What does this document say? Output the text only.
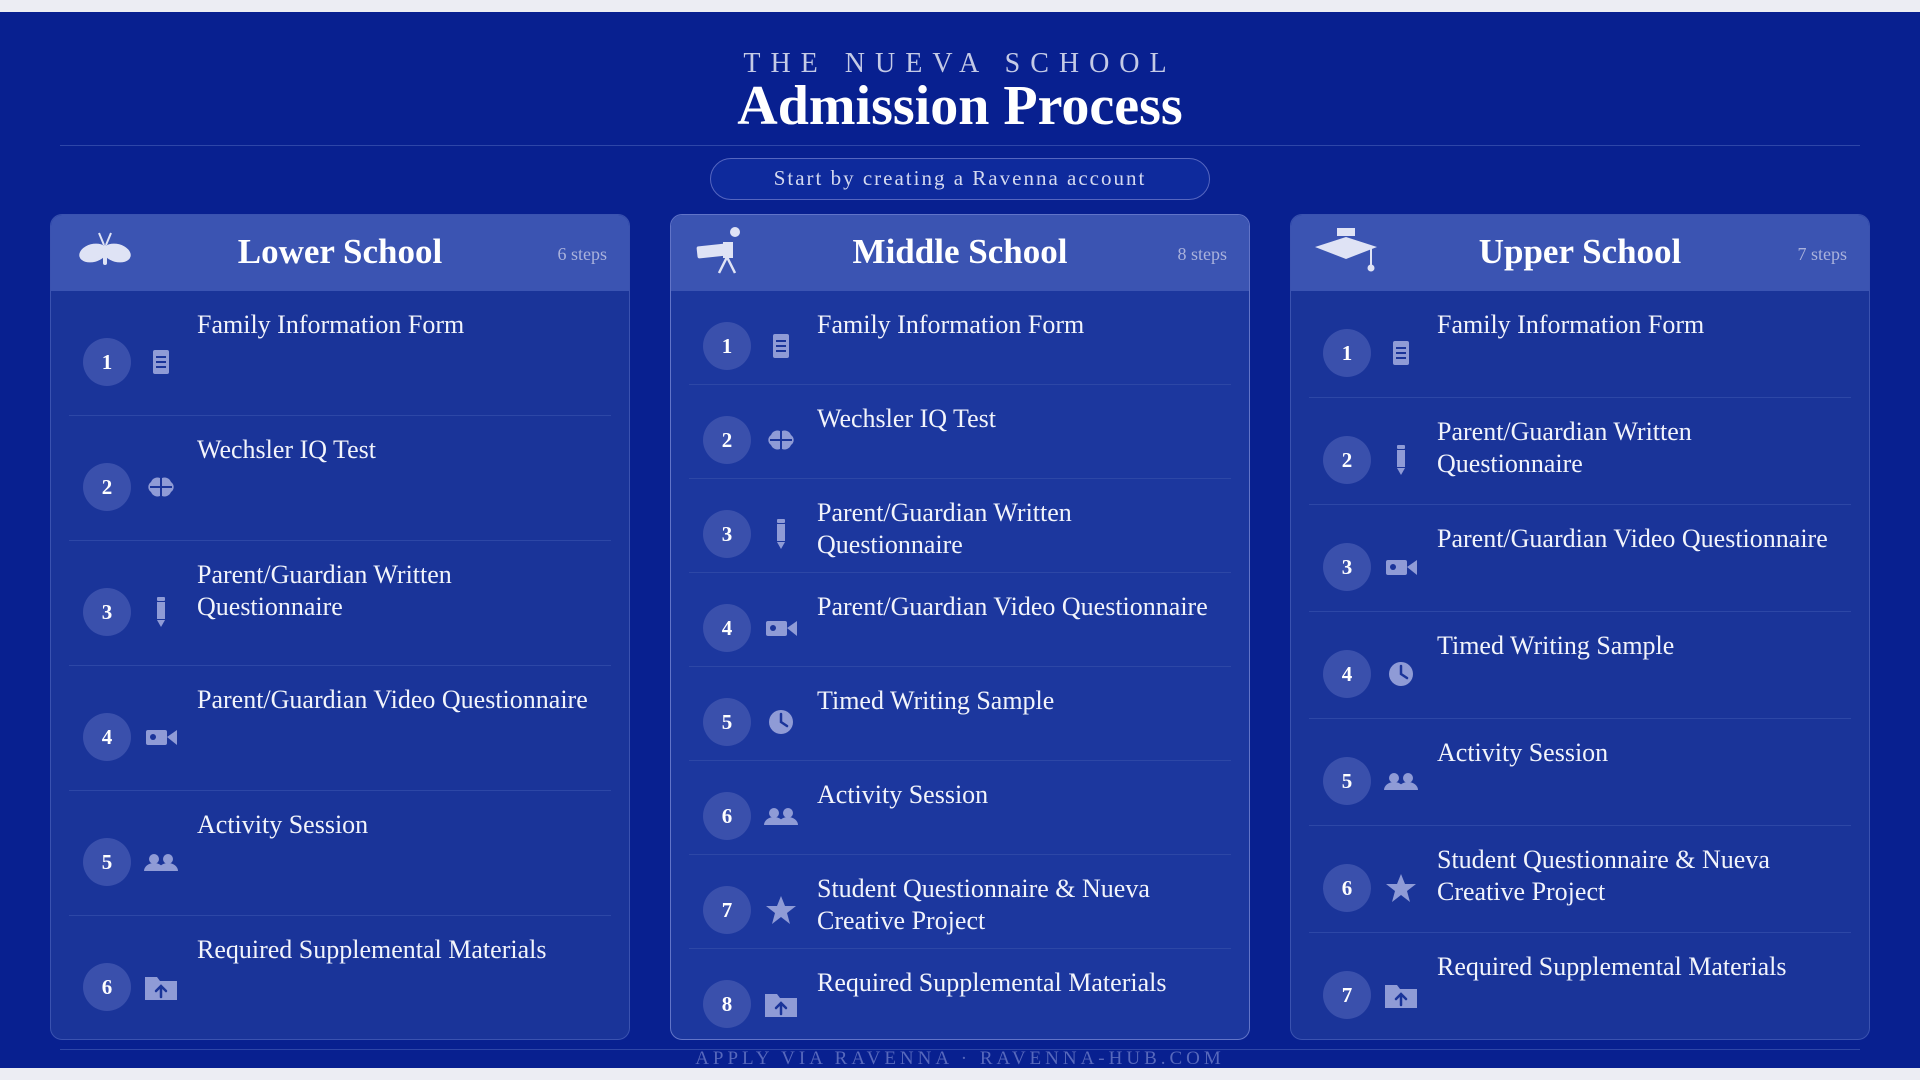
THE NUEVA SCHOOL
Admission Process
Start by creating a Ravenna account
Lower School	6 steps
1
Family Information Form
2
Wechsler IQ Test
3
Parent/Guardian Written Questionnaire
4
Parent/Guardian Video Questionnaire
5
Activity Session
6
Required Supplemental Materials
Middle School	8 steps
1
Family Information Form
2
Wechsler IQ Test
3
Parent/Guardian Written Questionnaire
4
Parent/Guardian Video Questionnaire
5
Timed Writing Sample
6
Activity Session
7
Student Questionnaire & Nueva Creative Project
8
Required Supplemental Materials
Upper School	7 steps
1
Family Information Form
2
Parent/Guardian Written Questionnaire
3
Parent/Guardian Video Questionnaire
4
Timed Writing Sample
5
Activity Session
6
Student Questionnaire & Nueva Creative Project
7
Required Supplemental Materials
APPLY VIA RAVENNA · RAVENNA-HUB.COM
